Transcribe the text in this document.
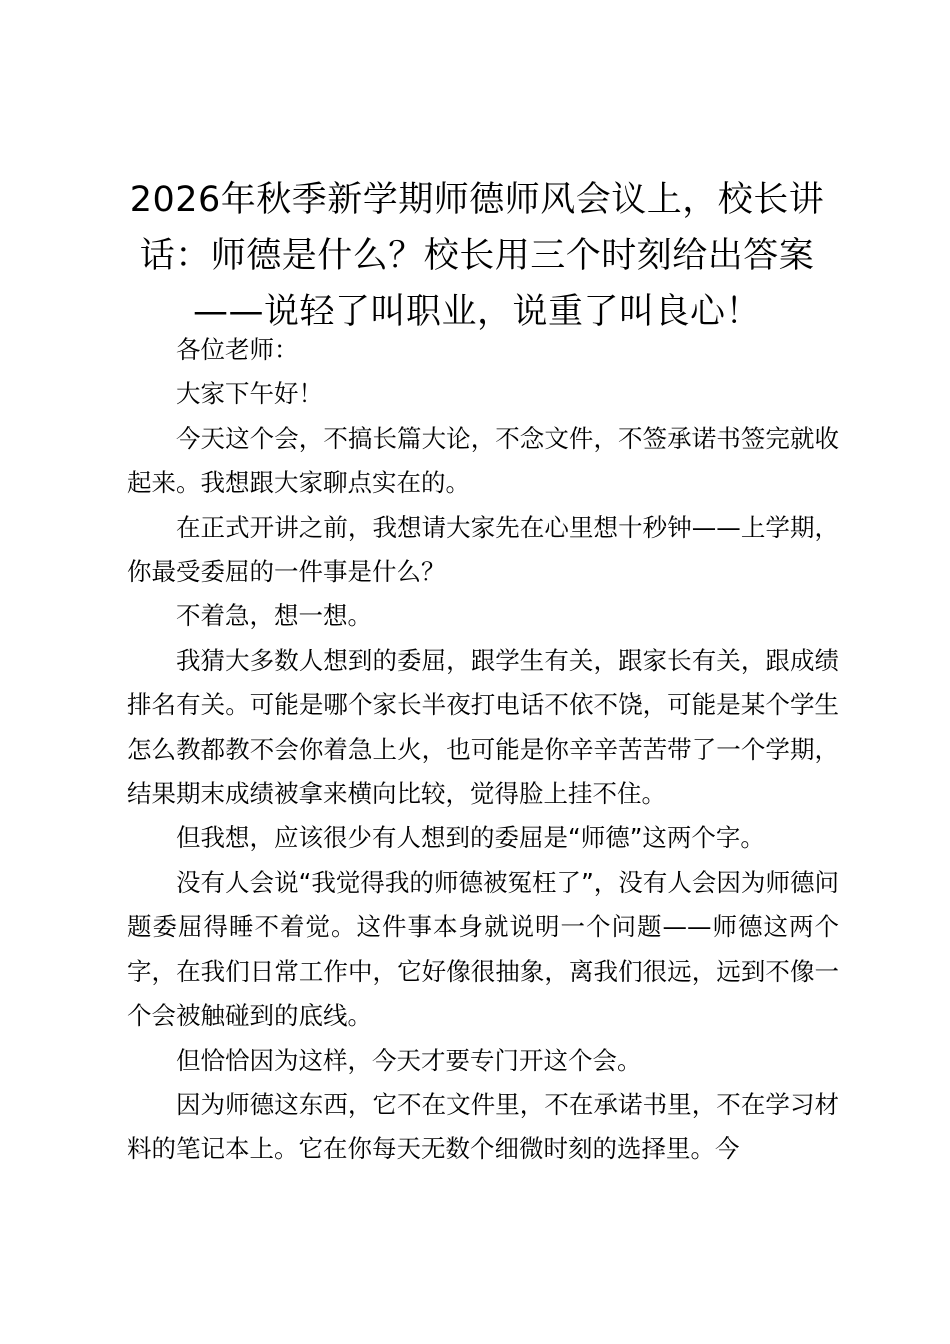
2026年秋季新学期师德师风会议上，校长讲话：师德是什么？校长用三个时刻给出答案——说轻了叫职业，说重了叫良心！

各位老师：

大家下午好！

今天这个会，不搞长篇大论，不念文件，不签承诺书签完就收起来。我想跟大家聊点实在的。

在正式开讲之前，我想请大家先在心里想十秒钟——上学期，你最受委屈的一件事是什么？

不着急，想一想。

我猜大多数人想到的委屈，跟学生有关，跟家长有关，跟成绩排名有关。可能是哪个家长半夜打电话不依不饶，可能是某个学生怎么教都教不会你着急上火，也可能是你辛辛苦苦带了一个学期，结果期末成绩被拿来横向比较，觉得脸上挂不住。

但我想，应该很少有人想到的委屈是“师德”这两个字。

没有人会说“我觉得我的师德被冤枉了”，没有人会因为师德问题委屈得睡不着觉。这件事本身就说明一个问题——师德这两个字，在我们日常工作中，它好像很抽象，离我们很远，远到不像一个会被触碰到的底线。

但恰恰因为这样，今天才要专门开这个会。

因为师德这东西，它不在文件里，不在承诺书里，不在学习材料的笔记本上。它在你每天无数个细微时刻的选择里。今
